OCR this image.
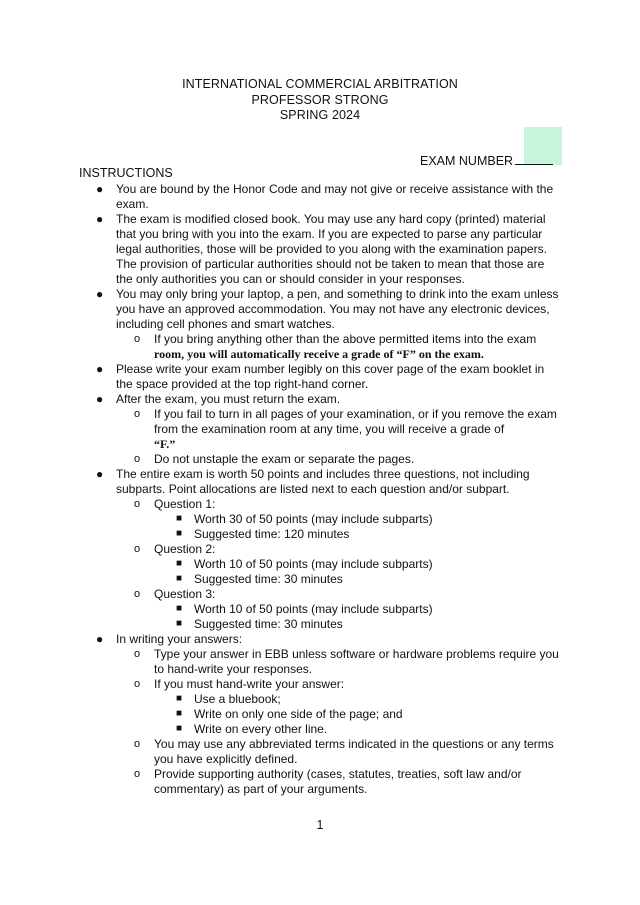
INTERNATIONAL COMMERCIAL ARBITRATION
PROFESSOR STRONG
SPRING 2024
EXAM NUMBER
INSTRUCTIONS
● You are bound by the Honor Code and may not give or receive assistance with the exam.
● The exam is modified closed book. You may use any hard copy (printed) material that you bring with you into the exam. If you are expected to parse any particular legal authorities, those will be provided to you along with the examination papers. The provision of particular authorities should not be taken to mean that those are the only authorities you can or should consider in your responses.
● You may only bring your laptop, a pen, and something to drink into the exam unless you have an approved accommodation. You may not have any electronic devices, including cell phones and smart watches.
o If you bring anything other than the above permitted items into the exam
room, you will automatically receive a grade of “F” on the exam.
● Please write your exam number legibly on this cover page of the exam booklet in the space provided at the top right-hand corner.
● After the exam, you must return the exam.
o If you fail to turn in all pages of your examination, or if you remove the exam from the examination room at any time, you will receive a grade of
“F.”
o Do not unstaple the exam or separate the pages.
● The entire exam is worth 50 points and includes three questions, not including subparts. Point allocations are listed next to each question and/or subpart.
o Question 1:
■ Worth 30 of 50 points (may include subparts)
■ Suggested time: 120 minutes
o Question 2:
■ Worth 10 of 50 points (may include subparts)
■ Suggested time: 30 minutes
o Question 3:
■ Worth 10 of 50 points (may include subparts)
■ Suggested time: 30 minutes
● In writing your answers:
o Type your answer in EBB unless software or hardware problems require you to hand-write your responses.
o If you must hand-write your answer:
■ Use a bluebook;
■ Write on only one side of the page; and
■ Write on every other line.
o You may use any abbreviated terms indicated in the questions or any terms you have explicitly defined.
o Provide supporting authority (cases, statutes, treaties, soft law and/or commentary) as part of your arguments.
1
